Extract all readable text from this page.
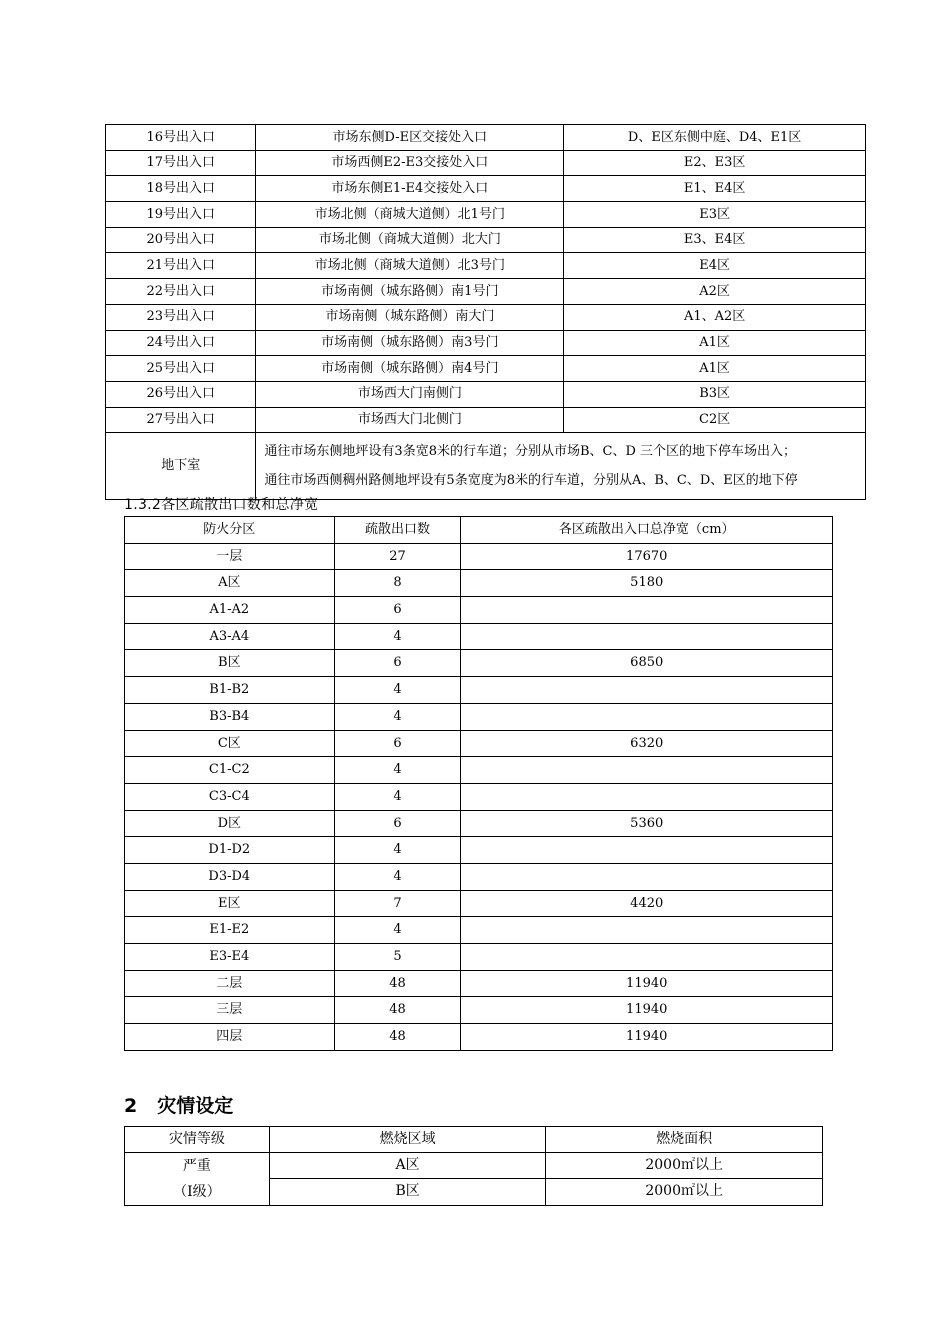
16号出入口	市场东侧D-E区交接处入口	D、E区东侧中庭、D4、E1区
17号出入口	市场西侧E2-E3交接处入口	E2、E3区
18号出入口	市场东侧E1-E4交接处入口	E1、E4区
19号出入口	市场北侧（商城大道侧）北1号门	E3区
20号出入口	市场北侧（商城大道侧）北大门	E3、E4区
21号出入口	市场北侧（商城大道侧）北3号门	E4区
22号出入口	市场南侧（城东路侧）南1号门	A2区
23号出入口	市场南侧（城东路侧）南大门	A1、A2区
24号出入口	市场南侧（城东路侧）南3号门	A1区
25号出入口	市场南侧（城东路侧）南4号门	A1区
26号出入口	市场西大门南侧门	B3区
27号出入口	市场西大门北侧门	C2区
地下室	通往市场东侧地坪设有3条宽8米的行车道；分别从市场B、C、D 三个区的地下停车场出入；
通往市场西侧稠州路侧地坪设有5条宽度为8米的行车道，分别从A、B、C、D、E区的地下停	
1.3.2各区疏散出口数和总净宽
防火分区	疏散出口数	各区疏散出入口总净宽（cm）
一层	27	17670
A区	8	5180
A1-A2	6	
A3-A4	4	
B区	6	6850
B1-B2	4	
B3-B4	4	
C区	6	6320
C1-C2	4	
C3-C4	4	
D区	6	5360
D1-D2	4	
D3-D4	4	
E区	7	4420
E1-E2	4	
E3-E4	5	
二层	48	11940
三层	48	11940
四层	48	11940
2 灾情设定
灾情等级	燃烧区域	燃烧面积

严重
（Ⅰ级）	A区	2000㎡以上
	B区	2000㎡以上
